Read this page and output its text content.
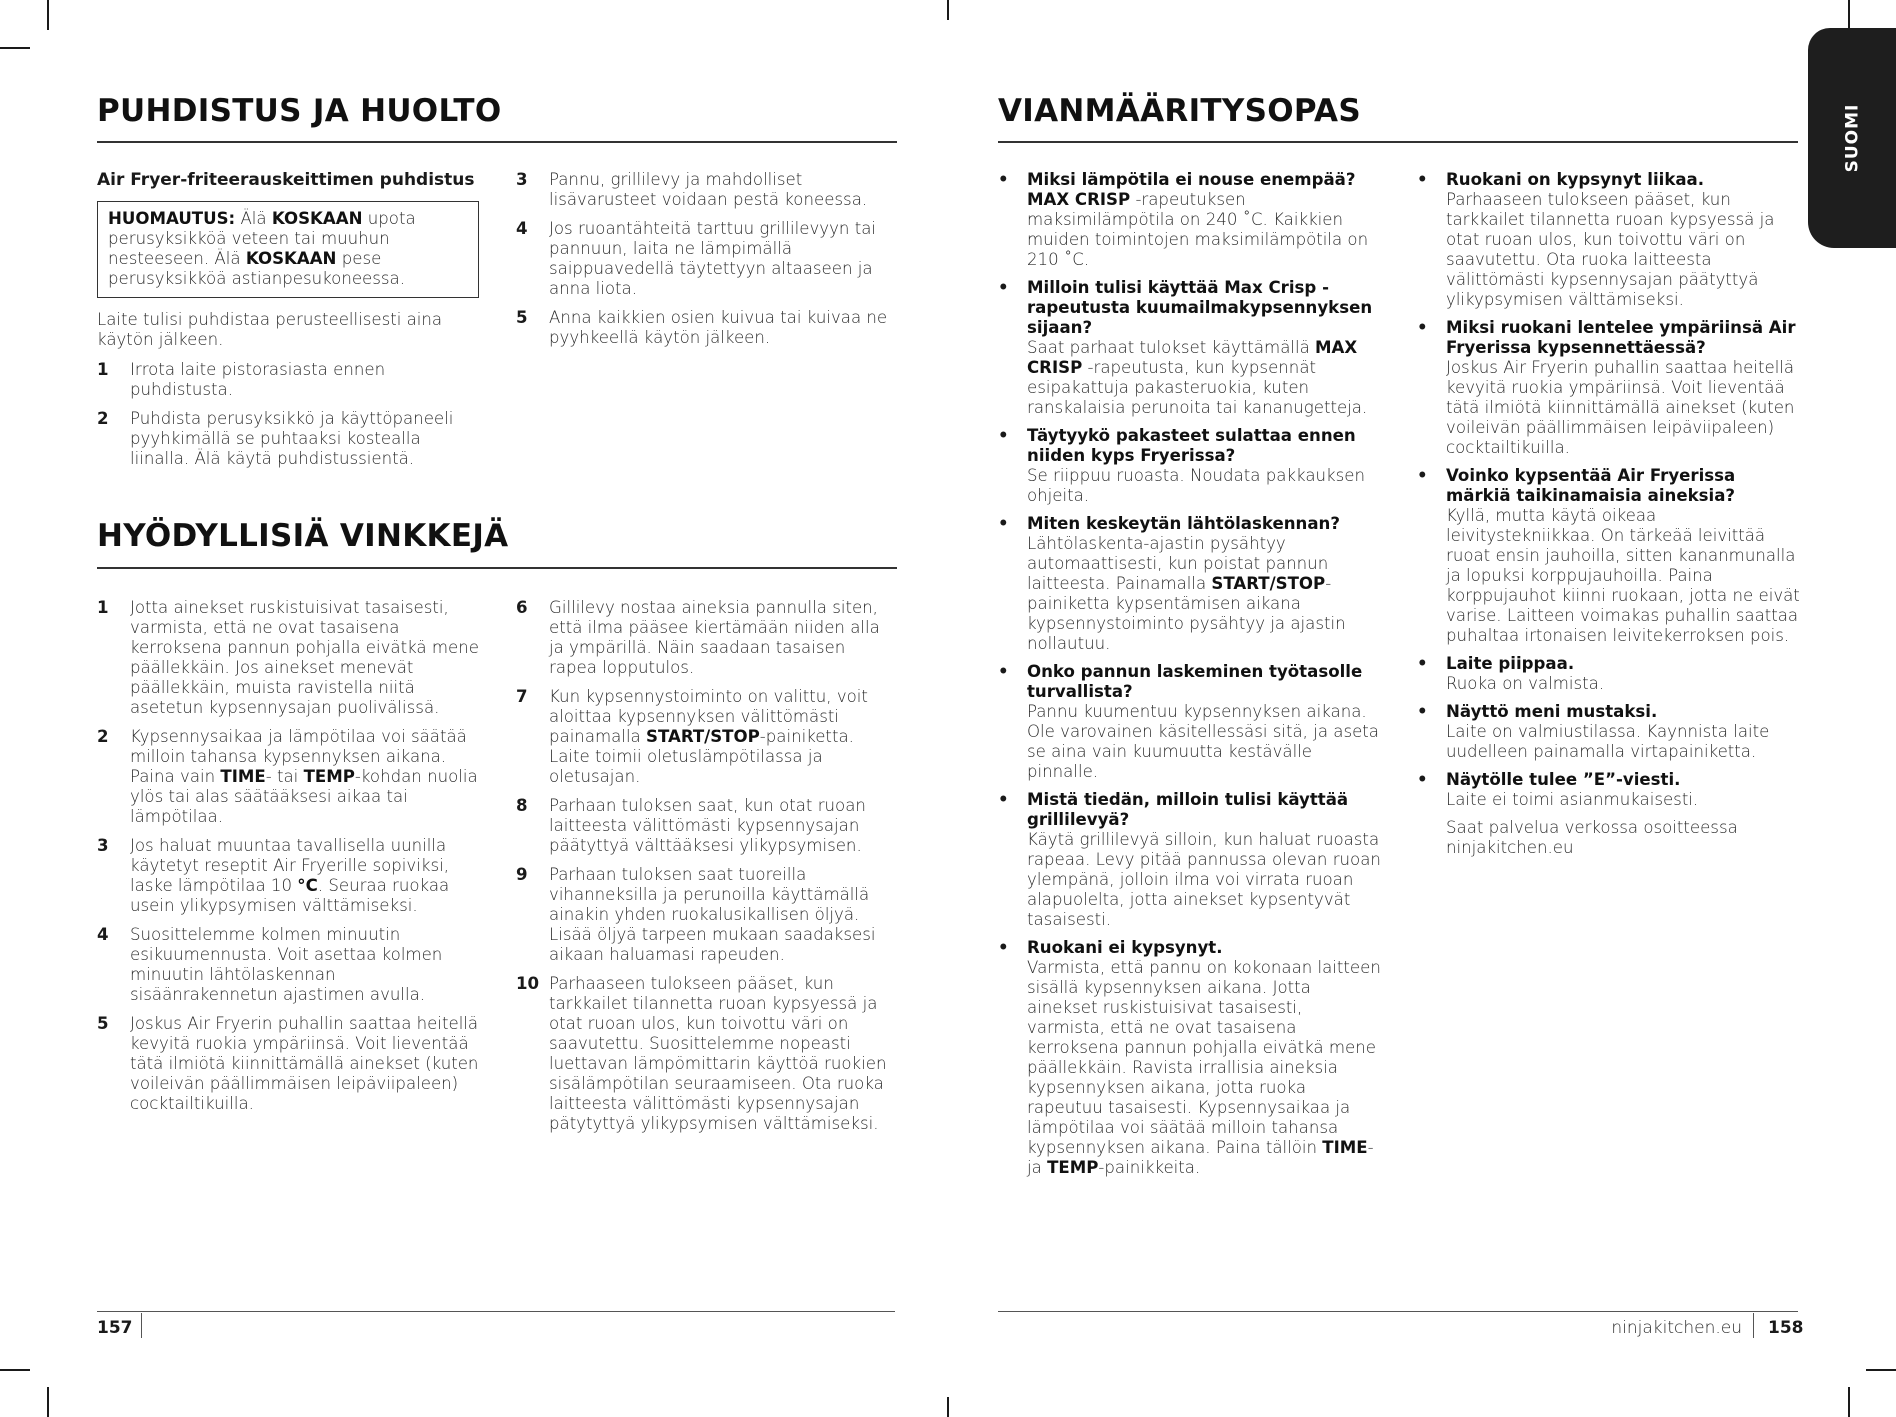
SUOMI
PUHDISTUS JA HUOLTO
Air Fryer-friteerauskeittimen puhdistus
HUOMAUTUS: Älä KOSKAAN upota perusyksikköä veteen tai muuhun nesteeseen. Älä KOSKAAN pese perusyksikköä astianpesukoneessa.

Laite tulisi puhdistaa perusteellisesti aina käytön jälkeen.

1 Irrota laite pistorasiasta ennen puhdistusta.
2 Puhdista perusyksikkö ja käyttöpaneeli pyyhkimällä se puhtaaksi kostealla liinalla. Älä käytä puhdistussientä.
3 Pannu, grillilevy ja mahdolliset lisävarusteet voidaan pestä koneessa.
4 Jos ruoantähteitä tarttuu grillilevyyn tai pannuun, laita ne lämpimällä saippuavedellä täytettyyn altaaseen ja anna liota.
5 Anna kaikkien osien kuivua tai kuivaa ne pyyhkeellä käytön jälkeen.
HYÖDYLLISIÄ VINKKEJÄ
1 Jotta ainekset ruskistuisivat tasaisesti, varmista, että ne ovat tasaisena kerroksena pannun pohjalla eivätkä mene päällekkäin. Jos ainekset menevät päällekkäin, muista ravistella niitä asetetun kypsennysajan puolivälissä.
2 Kypsennysaikaa ja lämpötilaa voi säätää milloin tahansa kypsennyksen aikana. Paina vain TIME- tai TEMP-kohdan nuolia ylös tai alas säätääksesi aikaa tai lämpötilaa.
3 Jos haluat muuntaa tavallisella uunilla käytetyt reseptit Air Fryerille sopiviksi, laske lämpötilaa 10 °C. Seuraa ruokaa usein ylikypsymisen välttämiseksi.
4 Suosittelemme kolmen minuutin esikuumennusta. Voit asettaa kolmen minuutin lähtölaskennan sisäänrakennetun ajastimen avulla.
5 Joskus Air Fryerin puhallin saattaa heitellä kevyitä ruokia ympäriinsä. Voit lieventää tätä ilmiötä kiinnittämällä ainekset (kuten voileivän päällimmäisen leipäviipaleen) cocktailtikuilla.
6 Gillilevy nostaa aineksia pannulla siten, että ilma pääsee kiertämään niiden alla ja ympärillä. Näin saadaan tasaisen rapea lopputulos.
7 Kun kypsennystoiminto on valittu, voit aloittaa kypsennyksen välittömästi painamalla START/STOP-painiketta. Laite toimii oletuslämpötilassa ja oletusajan.
8 Parhaan tuloksen saat, kun otat ruoan laitteesta välittömästi kypsennysajan päätyttyä välttääksesi ylikypsymisen.
9 Parhaan tuloksen saat tuoreilla vihanneksilla ja perunoilla käyttämällä ainakin yhden ruokalusikallisen öljyä. Lisää öljyä tarpeen mukaan saadaksesi aikaan haluamasi rapeuden.
10 Parhaaseen tulokseen pääset, kun tarkkailet tilannetta ruoan kypsyessä ja otat ruoan ulos, kun toivottu väri on saavutettu. Suosittelemme nopeasti luettavan lämpömittarin käyttöä ruokien sisälämpötilan seuraamiseen. Ota ruoka laitteesta välittömästi kypsennysajan pätytyttyä ylikypsymisen välttämiseksi.
157
VIANMÄÄRITYSOPAS
• Miksi lämpötila ei nouse enempää?
MAX CRISP -rapeutuksen maksimilämpötila on 240 ˚C. Kaikkien muiden toimintojen maksimilämpötila on 210 ˚C.
• Milloin tulisi käyttää Max Crisp -rapeutusta kuumailmakypsennyksen sijaan?
Saat parhaat tulokset käyttämällä MAX CRISP -rapeutusta, kun kypsennät esipakattuja pakasteruokia, kuten ranskalaisia perunoita tai kananugetteja.
• Täytyykö pakasteet sulattaa ennen niiden kyps Fryerissa?
Se riippuu ruoasta. Noudata pakkauksen ohjeita.
• Miten keskeytän lähtölaskennan?
Lähtölaskenta-ajastin pysähtyy automaattisesti, kun poistat pannun laitteesta. Painamalla START/STOP-painiketta kypsentämisen aikana kypsennystoiminto pysähtyy ja ajastin nollautuu.
• Onko pannun laskeminen työtasolle turvallista?
Pannu kuumentuu kypsennyksen aikana. Ole varovainen käsitellessäsi sitä, ja aseta se aina vain kuumuutta kestävälle pinnalle.
• Mistä tiedän, milloin tulisi käyttää grillilevyä?
Käytä grillilevyä silloin, kun haluat ruoasta rapeaa. Levy pitää pannussa olevan ruoan ylempänä, jolloin ilma voi virrata ruoan alapuolelta, jotta ainekset kypsentyvät tasaisesti.
• Ruokani ei kypsynyt.
Varmista, että pannu on kokonaan laitteen sisällä kypsennyksen aikana. Jotta ainekset ruskistuisivat tasaisesti, varmista, että ne ovat tasaisena kerroksena pannun pohjalla eivätkä mene päällekkäin. Ravista irrallisia aineksia kypsennyksen aikana, jotta ruoka rapeutuu tasaisesti. Kypsennysaikaa ja lämpötilaa voi säätää milloin tahansa kypsennyksen aikana. Paina tällöin TIME- ja TEMP-painikkeita.
• Ruokani on kypsynyt liikaa.
Parhaaseen tulokseen pääset, kun tarkkailet tilannetta ruoan kypsyessä ja otat ruoan ulos, kun toivottu väri on saavutettu. Ota ruoka laitteesta välittömästi kypsennysajan päätyttyä ylikypsymisen välttämiseksi.
• Miksi ruokani lentelee ympäriinsä Air Fryerissa kypsennettäessä?
Joskus Air Fryerin puhallin saattaa heitellä kevyitä ruokia ympäriinsä. Voit lieventää tätä ilmiötä kiinnittämällä ainekset (kuten voileivän päällimmäisen leipäviipaleen) cocktailtikuilla.
• Voinko kypsentää Air Fryerissa märkiä taikinamaisia aineksia?
Kyllä, mutta käytä oikeaa leivitystekniikkaa. On tärkeää leivittää ruoat ensin jauhoilla, sitten kananmunalla ja lopuksi korppujauhoilla. Paina korppujauhot kiinni ruokaan, jotta ne eivät varise. Laitteen voimakas puhallin saattaa puhaltaa irtonaisen leivitekerroksen pois.
• Laite piippaa.
Ruoka on valmista.
• Näyttö meni mustaksi.
Laite on valmiustilassa. Kaynnista laite uudelleen painamalla virtapainiketta.
• Näytölle tulee ”E”-viesti.
Laite ei toimi asianmukaisesti.
Saat palvelua verkossa osoitteessa ninjakitchen.eu
ninjakitchen.eu 158
